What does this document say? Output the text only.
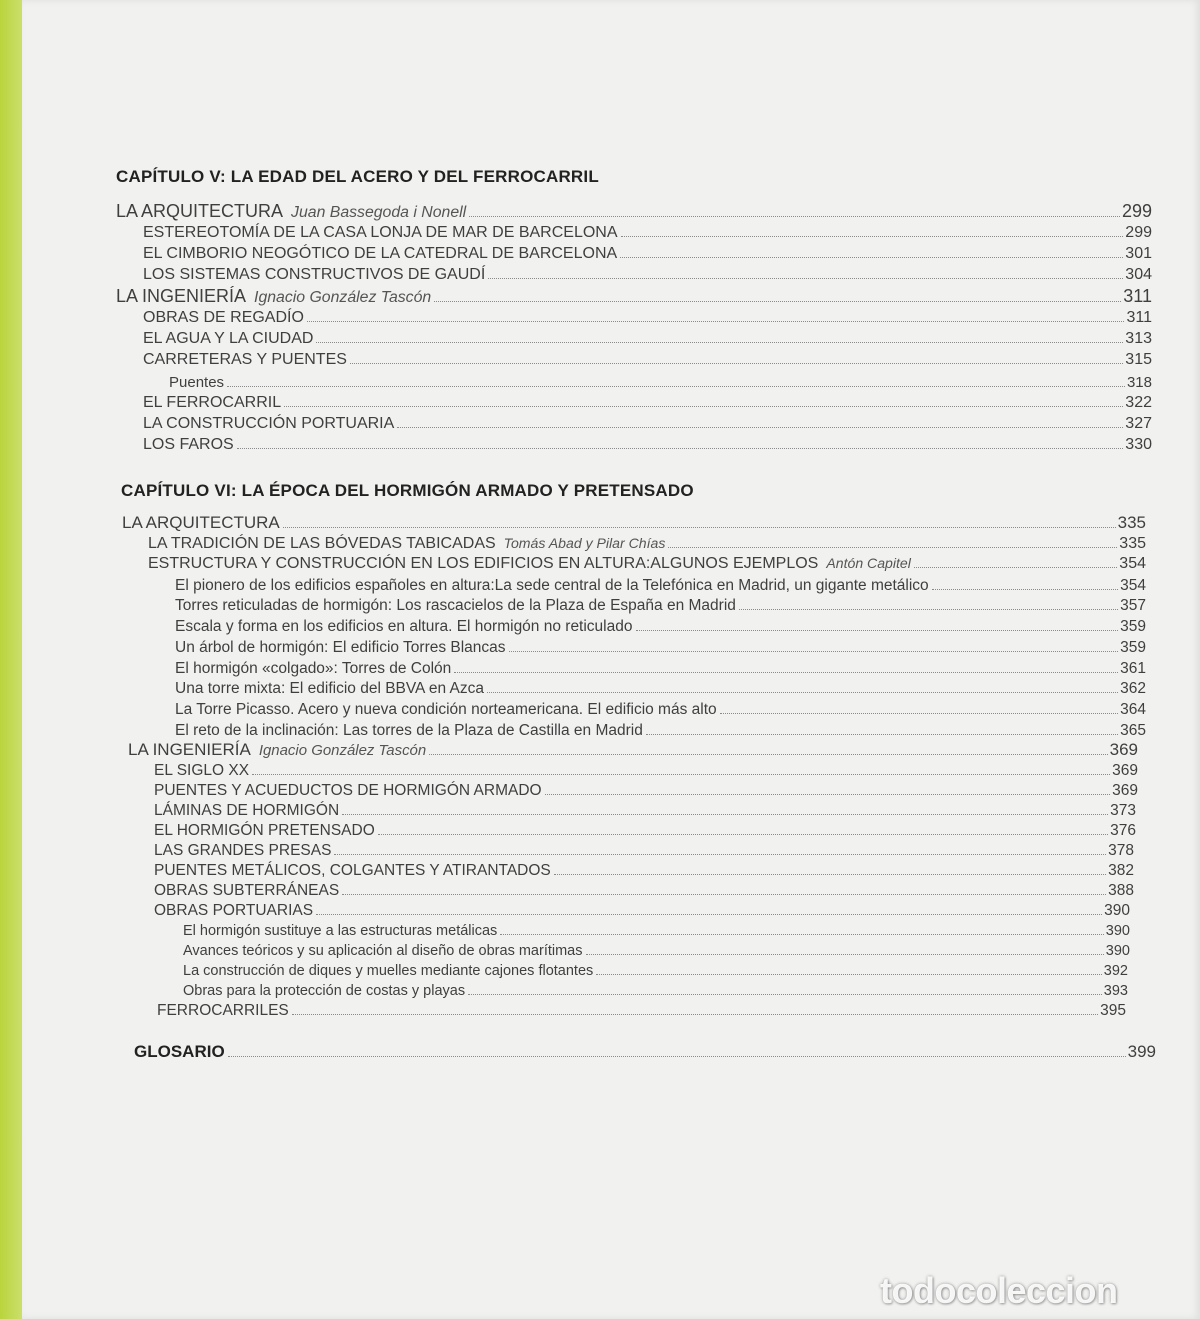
CAPÍTULO V: LA EDAD DEL ACERO Y DEL FERROCARRIL
LA ARQUITECTURA Juan Bassegoda i Nonell	299
ESTEREOTOMÍA DE LA CASA LONJA DE MAR DE BARCELONA	299
EL CIMBORIO NEOGÓTICO DE LA CATEDRAL DE BARCELONA	301
LOS SISTEMAS CONSTRUCTIVOS DE GAUDÍ	304
LA INGENIERÍA Ignacio González Tascón	311
OBRAS DE REGADÍO	311
EL AGUA Y LA CIUDAD	313
CARRETERAS Y PUENTES	315
Puentes	318
EL FERROCARRIL	322
LA CONSTRUCCIÓN PORTUARIA	327
LOS FAROS	330
CAPÍTULO VI: LA ÉPOCA DEL HORMIGÓN ARMADO Y PRETENSADO
LA ARQUITECTURA	335
LA TRADICIÓN DE LAS BÓVEDAS TABICADAS Tomás Abad y Pilar Chías	335
ESTRUCTURA Y CONSTRUCCIÓN EN LOS EDIFICIOS EN ALTURA:ALGUNOS EJEMPLOS Antón Capitel	354
El pionero de los edificios españoles en altura:La sede central de la Telefónica en Madrid, un gigante metálico	354
Torres reticuladas de hormigón: Los rascacielos de la Plaza de España en Madrid	357
Escala y forma en los edificios en altura. El hormigón no reticulado	359
Un árbol de hormigón: El edificio Torres Blancas	359
El hormigón «colgado»: Torres de Colón	361
Una torre mixta: El edificio del BBVA en Azca	362
La Torre Picasso. Acero y nueva condición norteamericana. El edificio más alto	364
El reto de la inclinación: Las torres de la Plaza de Castilla en Madrid	365
LA INGENIERÍA Ignacio González Tascón	369
EL SIGLO XX	369
PUENTES Y ACUEDUCTOS DE HORMIGÓN ARMADO	369
LÁMINAS DE HORMIGÓN	373
EL HORMIGÓN PRETENSADO	376
LAS GRANDES PRESAS	378
PUENTES METÁLICOS, COLGANTES Y ATIRANTADOS	382
OBRAS SUBTERRÁNEAS	388
OBRAS PORTUARIAS	390
El hormigón sustituye a las estructuras metálicas	390
Avances teóricos y su aplicación al diseño de obras marítimas	390
La construcción de diques y muelles mediante cajones flotantes	392
Obras para la protección de costas y playas	393
FERROCARRILES	395
GLOSARIO	399
todocoleccion
